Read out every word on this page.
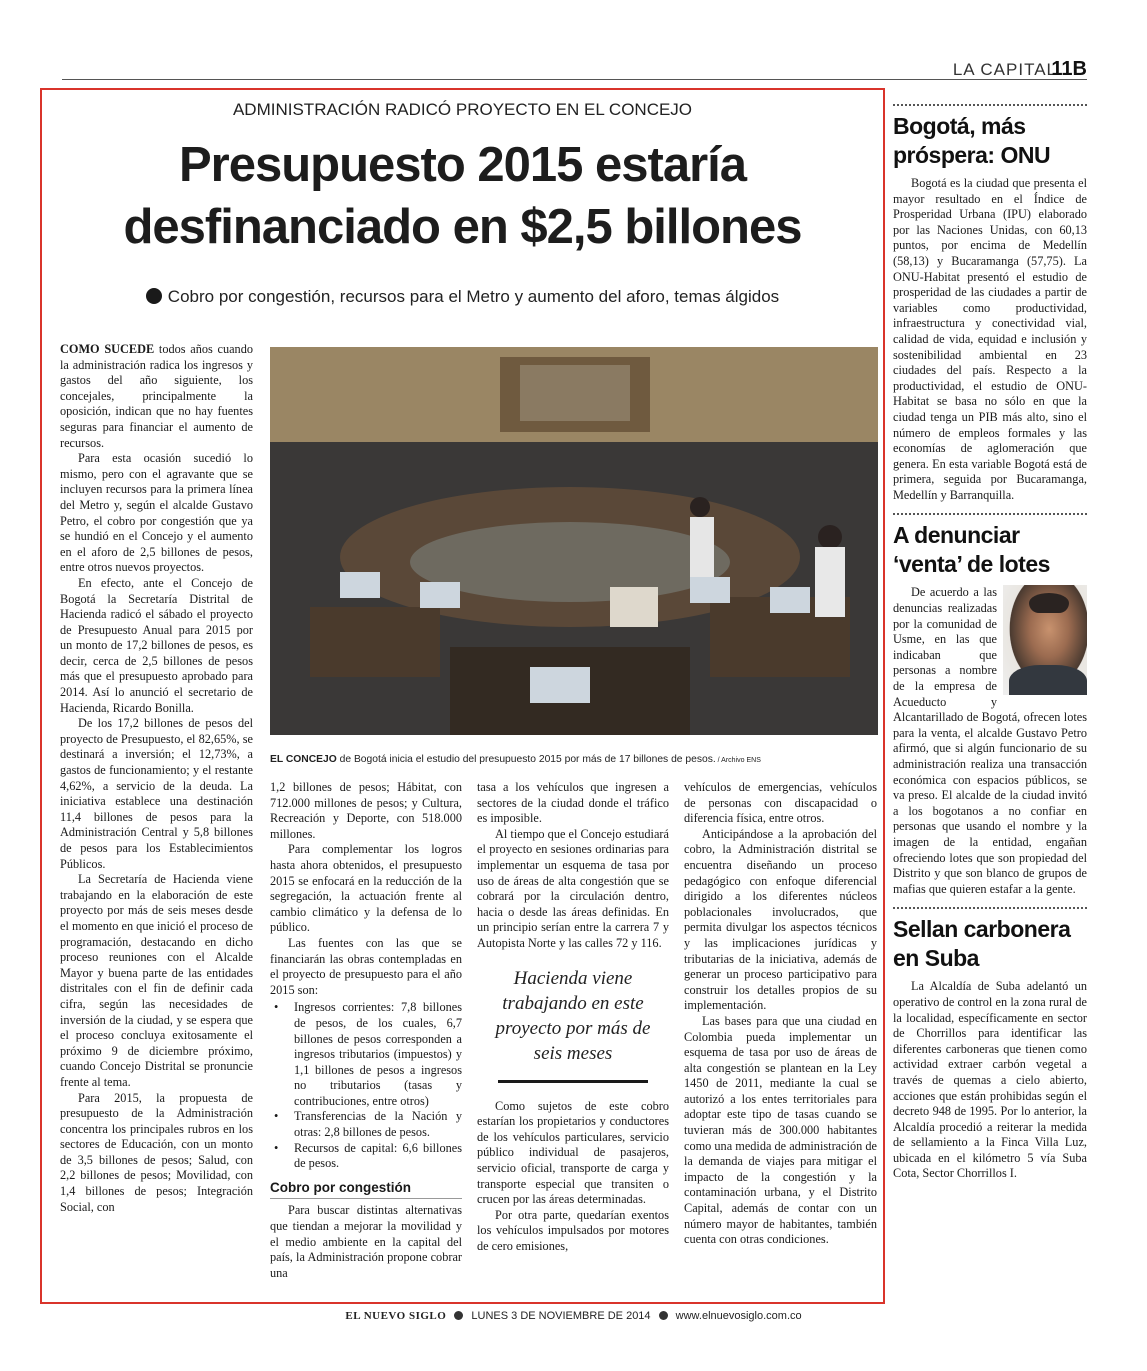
LA CAPITAL
11B
ADMINISTRACIÓN RADICÓ PROYECTO EN EL CONCEJO
Presupuesto 2015 estaría
desfinanciado en $2,5 billones
Cobro por congestión, recursos para el Metro y aumento del aforo, temas álgidos

COMO SUCEDE todos años cuando la administración radica los ingresos y gastos del año siguiente, los concejales, principalmente la oposición, indican que no hay fuentes seguras para financiar el aumento de recursos.

Para esta ocasión sucedió lo mismo, pero con el agravante que se incluyen recursos para la primera línea del Metro y, según el alcalde Gustavo Petro, el cobro por congestión que ya se hundió en el Concejo y el aumento en el aforo de 2,5 billones de pesos, entre otros nuevos proyectos.

En efecto, ante el Concejo de Bogotá la Secretaría Distrital de Hacienda radicó el sábado el proyecto de Presupuesto Anual para 2015 por un monto de 17,2 billones de pesos, es decir, cerca de 2,5 billones de pesos más que el presupuesto aprobado para 2014. Así lo anunció el secretario de Hacienda, Ricardo Bonilla.

De los 17,2 billones de pesos del proyecto de Presupuesto, el 82,65%, se destinará a inversión; el 12,73%, a gastos de funcionamiento; y el restante 4,62%, a servicio de la deuda. La iniciativa establece una destinación 11,4 billones de pesos para la Administración Central y 5,8 billones de pesos para los Establecimientos Públicos.

La Secretaría de Hacienda viene trabajando en la elaboración de este proyecto por más de seis meses desde el momento en que inició el proceso de programación, destacando en dicho proceso reuniones con el Alcalde Mayor y buena parte de las entidades distritales con el fin de definir cada cifra, según las necesidades de inversión de la ciudad, y se espera que el proceso concluya exitosamente el próximo 9 de diciembre próximo, cuando Concejo Distrital se pronuncie frente al tema.

Para 2015, la propuesta de presupuesto de la Administración concentra los principales rubros en los sectores de Educación, con un monto de 3,5 billones de pesos; Salud, con 2,2 billones de pesos; Movilidad, con 1,4 billones de pesos; Integración Social, con

EL CONCEJO de Bogotá inicia el estudio del presupuesto 2015 por más de 17 billones de pesos. / Archivo ENS

1,2 billones de pesos; Hábitat, con 712.000 millones de pesos; y Cultura, Recreación y Deporte, con 518.000 millones.

Para complementar los logros hasta ahora obtenidos, el presupuesto 2015 se enfocará en la reducción de la segregación, la actuación frente al cambio climático y la defensa de lo público.

Las fuentes con las que se financiarán las obras contempladas en el proyecto de presupuesto para el año 2015 son:

• Ingresos corrientes: 7,8 billones de pesos, de los cuales, 6,7 billones de pesos corresponden a ingresos tributarios (impuestos) y 1,1 billones de pesos a ingresos no tributarios (tasas y contribuciones, entre otros)
• Transferencias de la Nación y otras: 2,8 billones de pesos.
• Recursos de capital: 6,6 billones de pesos.
Cobro por congestión

Para buscar distintas alternativas que tiendan a mejorar la movilidad y el medio ambiente en la capital del país, la Administración propone cobrar una

tasa a los vehículos que ingresen a sectores de la ciudad donde el tráfico es imposible.

Al tiempo que el Concejo estudiará el proyecto en sesiones ordinarias para implementar un esquema de tasa por uso de áreas de alta congestión que se cobrará por la circulación dentro, hacia o desde las áreas definidas. En un principio serían entre la carrera 7 y Autopista Norte y las calles 72 y 116.

Hacienda viene trabajando en este proyecto por más de seis meses

Como sujetos de este cobro estarían los propietarios y conductores de los vehículos particulares, servicio público individual de pasajeros, servicio oficial, transporte de carga y transporte especial que transiten o crucen por las áreas determinadas.

Por otra parte, quedarían exentos los vehículos impulsados por motores de cero emisiones,

vehículos de emergencias, vehículos de personas con discapacidad o diferencia física, entre otros.

Anticipándose a la aprobación del cobro, la Administración distrital se encuentra diseñando un proceso pedagógico con enfoque diferencial dirigido a los diferentes núcleos poblacionales involucrados, que permita divulgar los aspectos técnicos y las implicaciones jurídicas y tributarias de la iniciativa, además de generar un proceso participativo para construir los detalles propios de su implementación.

Las bases para que una ciudad en Colombia pueda implementar un esquema de tasa por uso de áreas de alta congestión se plantean en la Ley 1450 de 2011, mediante la cual se autorizó a los entes territoriales para adoptar este tipo de tasas cuando se tuvieran más de 300.000 habitantes como una medida de administración de la demanda de viajes para mitigar el impacto de la congestión y la contaminación urbana, y el Distrito Capital, además de contar con un número mayor de habitantes, también cuenta con otras condiciones.

Bogotá, más próspera: ONU

Bogotá es la ciudad que presenta el mayor resultado en el Índice de Prosperidad Urbana (IPU) elaborado por las Naciones Unidas, con 60,13 puntos, por encima de Medellín (58,13) y Bucaramanga (57,75). La ONU-Habitat presentó el estudio de prosperidad de las ciudades a partir de variables como productividad, infraestructura y conectividad vial, calidad de vida, equidad e inclusión y sostenibilidad ambiental en 23 ciudades del país. Respecto a la productividad, el estudio de ONU-Habitat se basa no sólo en que la ciudad tenga un PIB más alto, sino el número de empleos formales y las economías de aglomeración que genera. En esta variable Bogotá está de primera, seguida por Bucaramanga, Medellín y Barranquilla.

A denunciar ‘venta’ de lotes

De acuerdo a las denuncias realizadas por la comunidad de Usme, en las que indicaban que personas a nombre de la empresa de Acueducto y Alcantarillado de Bogotá, ofrecen lotes para la venta, el alcalde Gustavo Petro afirmó, que si algún funcionario de su administración realiza una transacción económica con espacios públicos, se va preso. El alcalde de la ciudad invitó a los bogotanos a no confiar en personas que usando el nombre y la imagen de la entidad, engañan ofreciendo lotes que son propiedad del Distrito y que son blanco de grupos de mafias que quieren estafar a la gente.

Sellan carbonera en Suba

La Alcaldía de Suba adelantó un operativo de control en la zona rural de la localidad, específicamente en sector de Chorrillos para identificar las diferentes carboneras que tienen como actividad extraer carbón vegetal a través de quemas a cielo abierto, acciones que están prohibidas según el decreto 948 de 1995. Por lo anterior, la Alcaldía procedió a reiterar la medida de sellamiento a la Finca Villa Luz, ubicada en el kilómetro 5 vía Suba Cota, Sector Chorrillos I.

EL NUEVO SIGLO LUNES 3 DE NOVIEMBRE DE 2014 www.elnuevosiglo.com.co
